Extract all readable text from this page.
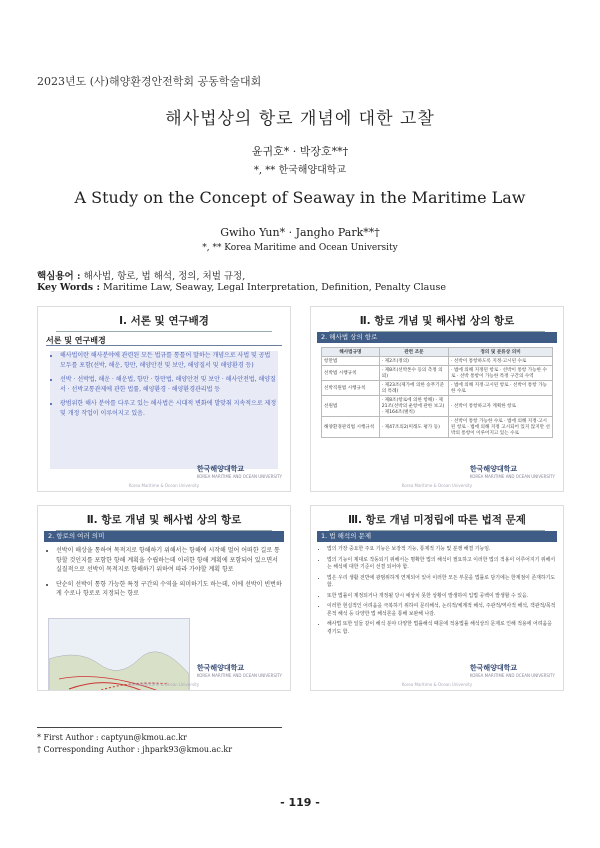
2023년도 (사)해양환경안전학회 공동학술대회
해사법상의 항로 개념에 대한 고찰
윤귀호* · 박장호**†
*, ** 한국해양대학교
A Study on the Concept of Seaway in the Maritime Law
Gwiho Yun* · Jangho Park**†
*, ** Korea Maritime and Ocean University
핵심용어 : 해사법, 항로, 법 해석, 정의, 처벌 규정,
Key Words : Maritime Law, Seaway, Legal Interpretation, Definition, Penalty Clause
Ⅰ. 서론 및 연구배경
서론 및 연구배경
• 해사법이란 해사분야에 관련된 모든 법규를 통틀어 말하는 개념으로 사법 및 공법 모두를 포함(선박, 해운, 항만, 해양안전 및 보안, 해양질서 및 해양환경 등)
• 선박 · 선박법, 해운 · 해운법, 항만 · 항만법, 해양안전 및 보안 · 해사안전법, 해양질서 · 선박교통관제에 관한 법률, 해양환경 · 해양환경관리법 등
• 광범위한 해사 분야를 다루고 있는 해사법은 시대적 변화에 발맞춰 지속적으로 제정 및 개정 작업이 이루어지고 있음.
한국해양대학교
KOREA MARITIME AND OCEAN UNIVERSITY
Korea Maritime & Ocean University
Ⅱ. 항로 개념 및 해사법 상의 항로
2. 해사법 상의 항로
해사법규명	관련 조문	정의 및 분류상 의미
항만법	· 제2조(정의)	· 선박이 통항하도록 지정·고시된 수로
선박법 시행규칙	· 제8조(선박톤수 등의 측정 의뢰)	· 법에 의해 지정된 항로 · 선박이 통항 가능한 수로 · 선박 통항이 가능한 특정 구간의 수역
선박직원법 시행규칙	· 제23조(제가에 의한 승무기준의 특례)	· 법에 의해 지정·고시된 항로 · 선박이 통항 가능한 수로
선원법	· 제8조(항로에 의한 항해) · 제21조(선박의 운항에 관한 보고) · 제164조(벌칙)	· 선박이 통항하고자 계획한 항로
해양환경관리법 시행규칙	· 제47조의2(미래도 평가 등)	· 선박이 통항 가능한 수로 · 법에 의해 지정·고시된 항로 · 법에 의해 지정 고시되어 있지 않지만 선박의 통항이 이루어지고 있는 수로
한국해양대학교
KOREA MARITIME AND OCEAN UNIVERSITY
Korea Maritime & Ocean University
Ⅱ. 항로 개념 및 해사법 상의 항로
2. 항로의 여러 의미
• 선박이 해상을 통하여 목적지로 항해하기 위해서는 항해에 시작해 멀어 어떠한 길로 통항할 것인지를 포함한 항해 계획을 수립하는데 이러한 항해 계획에 포함되어 있으면서 실질적으로 선박이 목적지로 항해하기 위하여 따라 가야할 계획 항로
• 단순히 선박이 통항 가능한 특정 구간의 수역을 의미하기도 하는데, 이에 선박이 빈번하게 수로나 항로로 지정되는 항로
한국해양대학교
KOREA MARITIME AND OCEAN UNIVERSITY
Korea Maritime & Ocean University
Ⅲ. 항로 개념 미정립에 따른 법적 문제
1. 법 해석의 문제
• 법의 가장 중요한 주요 기능은 보장적 기능, 통제적 기능 및 분쟁 해결 기능임.
• 법의 기능이 제대로 작동되기 위해서는 명확한 법의 해석이 필요하고 이러한 법의 적용이 이루어지기 위해서는 해석에 대한 기준이 선결 되어야 함.
• 법은 우리 생활 전반에 광범위하게 연계되어 있어 이러한 모든 부문을 법률로 담기에는 한계점이 존재하기도 함.
• 또한 법률이 제정되거나 개정될 당시 예상치 못한 상황이 발생하여 입법 공백이 발생할 수 있음.
• 이러한 현실적인 어려움을 극복하기 위하여 문리해석, 논리적/체계적 해석, 주관적/역사적 해석, 객관적/목적론적 해석 등 다양한 법 해석론을 통해 보완해 나감.
• 해사법 또한 일들 같이 해석 분야 다양한 법률해석 때문에 적용법률 해석상의 문제로 인해 적용에 어려움을 겪기도 함.
한국해양대학교
KOREA MARITIME AND OCEAN UNIVERSITY
Korea Maritime & Ocean University
* First Author : captyun@kmou.ac.kr
† Corresponding Author : jhpark93@kmou.ac.kr
- 119 -
